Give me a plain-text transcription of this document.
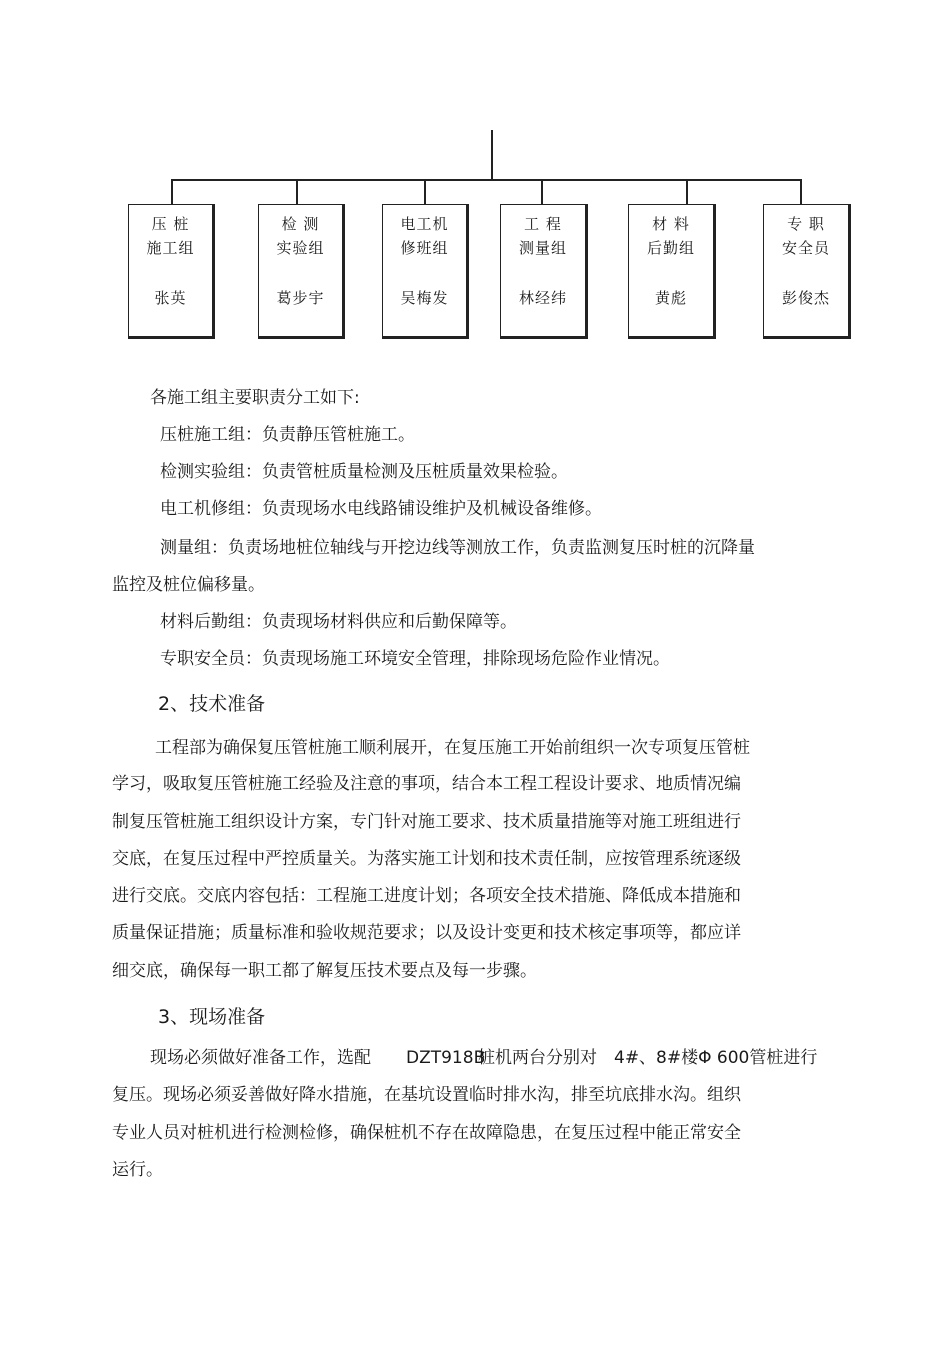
压 桩
施工组
张英
检 测
实验组
葛步宇
电工机
修班组
吴梅发
工 程
测量组
林经纬
材 料
后勤组
黄彪
专 职
安全员
彭俊杰
各施工组主要职责分工如下:
压桩施工组：负责静压管桩施工。
检测实验组：负责管桩质量检测及压桩质量效果检验。
电工机修组：负责现场水电线路铺设维护及机械设备维修。
测量组：负责场地桩位轴线与开挖边线等测放工作，负责监测复压时桩的沉降量
监控及桩位偏移量。
材料后勤组：负责现场材料供应和后勤保障等。
专职安全员：负责现场施工环境安全管理，排除现场危险作业情况。
2、技术准备
工程部为确保复压管桩施工顺利展开，在复压施工开始前组织一次专项复压管桩
学习，吸取复压管桩施工经验及注意的事项，结合本工程工程设计要求、地质情况编
制复压管桩施工组织设计方案，专门针对施工要求、技术质量措施等对施工班组进行
交底，在复压过程中严控质量关。为落实施工计划和技术责任制，应按管理系统逐级
进行交底。交底内容包括：工程施工进度计划；各项安全技术措施、降低成本措施和
质量保证措施；质量标准和验收规范要求；以及设计变更和技术核定事项等，都应详
细交底，确保每一职工都了解复压技术要点及每一步骤。
3、现场准备
现场必须做好准备工作，选配 DZT918B
桩机两台分别对 4#、8#楼Φ 600管桩进行
复压。现场必须妥善做好降水措施，在基坑设置临时排水沟，排至坑底排水沟。组织
专业人员对桩机进行检测检修，确保桩机不存在故障隐患，在复压过程中能正常安全
运行。
